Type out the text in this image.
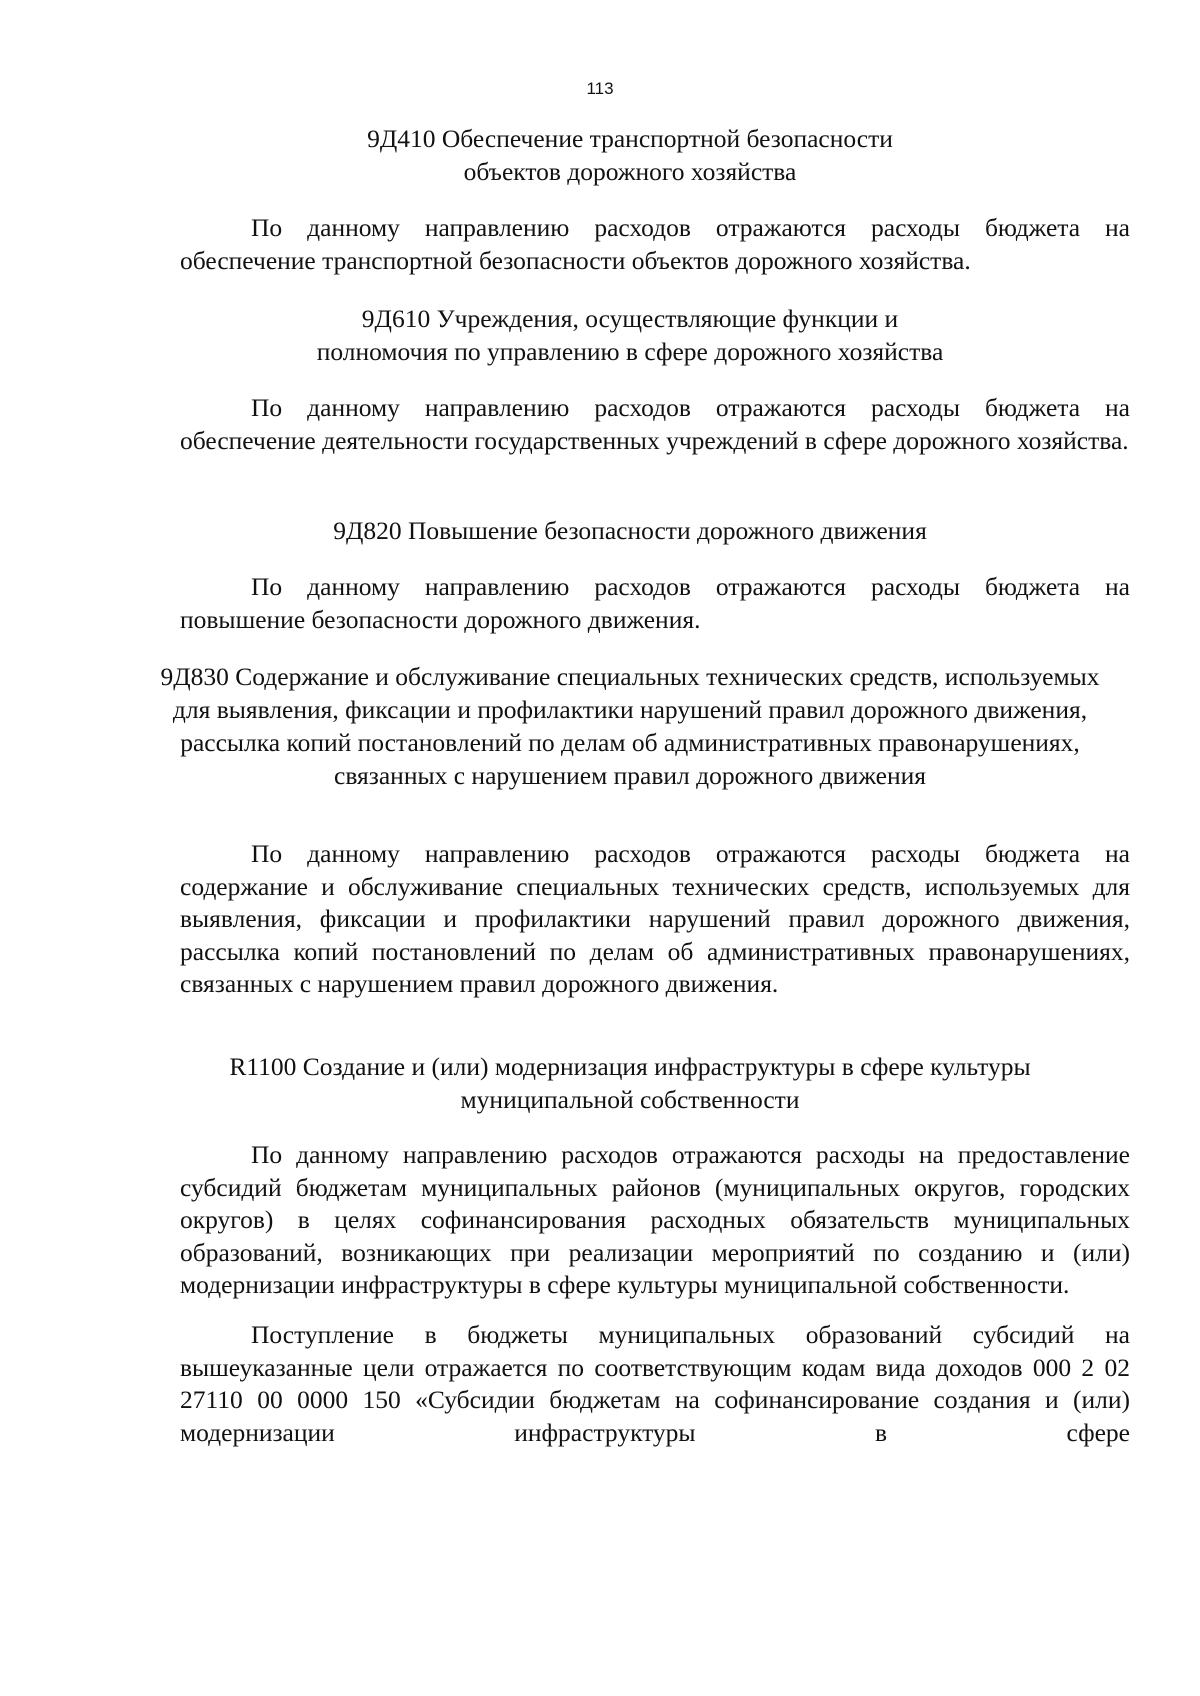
113
9Д410 Обеспечение транспортной безопасности объектов дорожного хозяйства

По данному направлению расходов отражаются расходы бюджета на обеспечение транспортной безопасности объектов дорожного хозяйства.

9Д610 Учреждения, осуществляющие функции и полномочия по управлению в сфере дорожного хозяйства

По данному направлению расходов отражаются расходы бюджета на обеспечение деятельности государственных учреждений в сфере дорожного хозяйства.

9Д820 Повышение безопасности дорожного движения

По данному направлению расходов отражаются расходы бюджета на повышение безопасности дорожного движения.

9Д830 Содержание и обслуживание специальных технических средств, используемых для выявления, фиксации и профилактики нарушений правил дорожного движения, рассылка копий постановлений по делам об административных правонарушениях, связанных с нарушением правил дорожного движения

По данному направлению расходов отражаются расходы бюджета на содержание и обслуживание специальных технических средств, используемых для выявления, фиксации и профилактики нарушений правил дорожного движения, рассылка копий постановлений по делам об административных правонарушениях, связанных с нарушением правил дорожного движения.

R1100 Создание и (или) модернизация инфраструктуры в сфере культуры муниципальной собственности

По данному направлению расходов отражаются расходы на предоставление субсидий бюджетам муниципальных районов (муниципальных округов, городских округов) в целях софинансирования расходных обязательств муниципальных образований, возникающих при реализации мероприятий по созданию и (или) модернизации инфраструктуры в сфере культуры муниципальной собственности.

Поступление в бюджеты муниципальных образований субсидий на вышеуказанные цели отражается по соответствующим кодам вида доходов 000 2 02 27110 00 0000 150 «Субсидии бюджетам на софинансирование создания и (или) модернизации инфраструктуры в сфере
